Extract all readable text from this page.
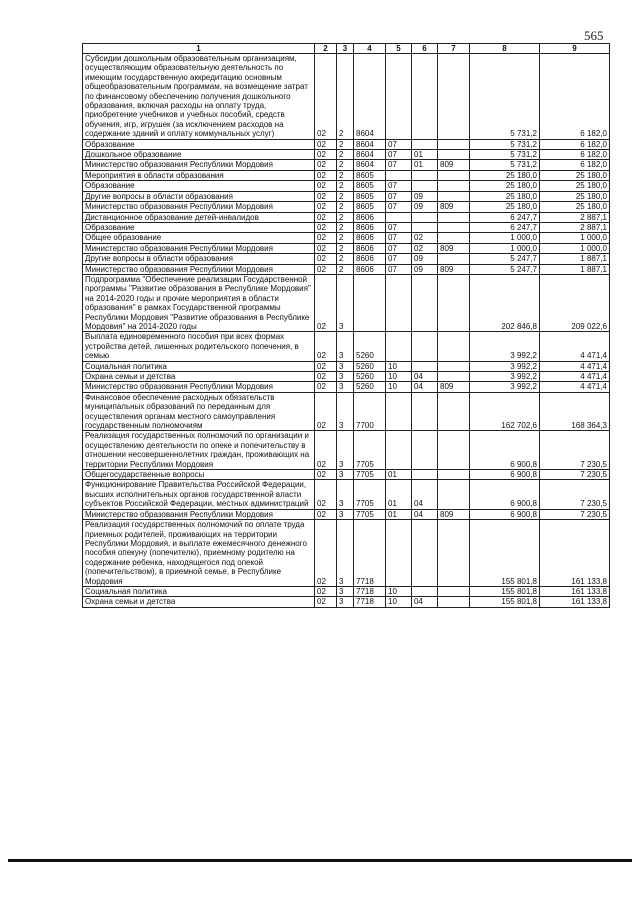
565
1	2	3	4	5	6	7	8	9
Субсидии дошкольным образовательным организациям, осуществляющим образовательную деятельность по имеющим государственную аккредитацию основным общеобразовательным программам, на возмещение затрат по финансовому обеспечению получения дошкольного образования, включая расходы на оплату труда, приобретение учебников и учебных пособий, средств обучения, игр, игрушек (за исключением расходов на содержание зданий и оплату коммунальных услуг)	02	2	8604				5 731,2	6 182,0
Образование	02	2	8604	07			5 731,2	6 182,0
Дошкольное образование	02	2	8604	07	01		5 731,2	6 182,0
Министерство образования Республики Мордовия	02	2	8604	07	01	809	5 731,2	6 182,0
Мероприятия в области образования	02	2	8605				25 180,0	25 180,0
Образование	02	2	8605	07			25 180,0	25 180,0
Другие вопросы в области образования	02	2	8605	07	09		25 180,0	25 180,0
Министерство образования Республики Мордовия	02	2	8605	07	09	809	25 180,0	25 180,0
Дистанционное образование детей-инвалидов	02	2	8606				6 247,7	2 887,1
Образование	02	2	8606	07			6 247,7	2 887,1
Общее образование	02	2	8606	07	02		1 000,0	1 000,0
Министерство образования Республики Мордовия	02	2	8606	07	02	809	1 000,0	1 000,0
Другие вопросы в области образования	02	2	8606	07	09		5 247,7	1 887,1
Министерство образования Республики Мордовия	02	2	8606	07	09	809	5 247,7	1 887,1
Подпрограмма "Обеспечение реализации Государственной программы "Развитие образования в Республике Мордовия" на 2014-2020 годы и прочие мероприятия в области образования" в рамках Государственной программы Республики Мордовия "Развитие образования в Республике Мордовия" на 2014-2020 годы	02	3					202 846,8	209 022,6
Выплата единовременного пособия при всех формах устройства детей, лишенных родительского попечения, в семью	02	3	5260				3 992,2	4 471,4
Социальная политика	02	3	5260	10			3 992,2	4 471,4
Охрана семьи и детства	02	3	5260	10	04		3 992,2	4 471,4
Министерство образования Республики Мордовия	02	3	5260	10	04	809	3 992,2	4 471,4
Финансовое обеспечение расходных обязательств муниципальных образований по переданным для осуществления органам местного самоуправления государственным полномочиям	02	3	7700				162 702,6	168 364,3
Реализация государственных полномочий по организации и осуществлению деятельности по опеке и попечительству в отношении несовершеннолетних граждан, проживающих на территории Республики Мордовия	02	3	7705				6 900,8	7 230,5
Общегосударственные вопросы	02	3	7705	01			6 900,8	7 230,5
Функционирование Правительства Российской Федерации, высших исполнительных органов государственной власти субъектов Российской Федерации, местных администраций	02	3	7705	01	04		6 900,8	7 230,5
Министерство образования Республики Мордовия	02	3	7705	01	04	809	6 900,8	7 230,5
Реализация государственных полномочий по оплате труда приемных родителей, проживающих на территории Республики Мордовия, и выплате ежемесячного денежного пособия опекуну (попечителю), приемному родителю на содержание ребенка, находящегося под опекой (попечительством), в приемной семье, в Республике Мордовия	02	3	7718				155 801,8	161 133,8
Социальная политика	02	3	7718	10			155 801,8	161 133,8
Охрана семьи и детства	02	3	7718	10	04		155 801,8	161 133,8
